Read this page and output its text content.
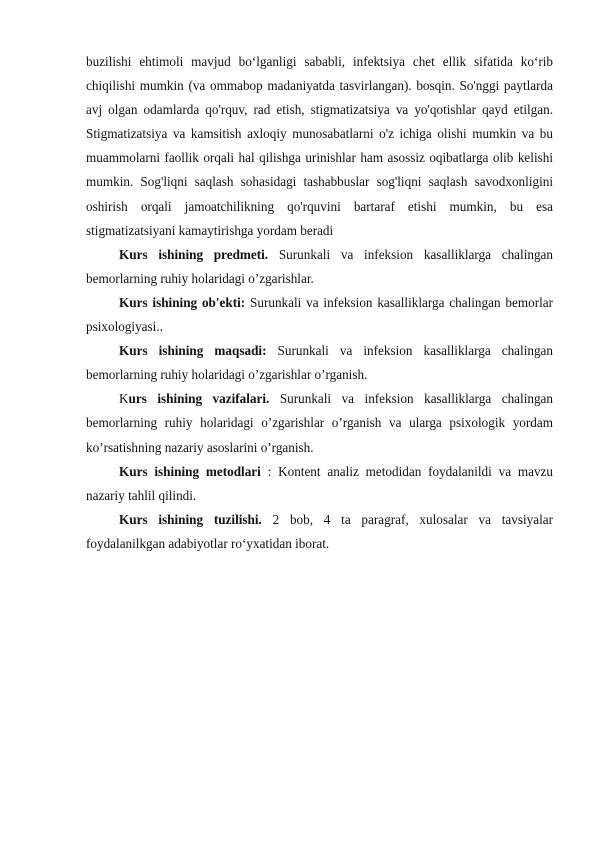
buzilishi ehtimoli mavjud bo‘lganligi sababli, infektsiya chet ellik sifatida ko‘rib chiqilishi mumkin (va ommabop madaniyatda tasvirlangan). bosqin. So'nggi paytlarda avj olgan odamlarda qo'rquv, rad etish, stigmatizatsiya va yo'qotishlar qayd etilgan. Stigmatizatsiya va kamsitish axloqiy munosabatlarni o'z ichiga olishi mumkin va bu muammolarni faollik orqali hal qilishga urinishlar ham asossiz oqibatlarga olib kelishi mumkin. Sog'liqni saqlash sohasidagi tashabbuslar sog'liqni saqlash savodxonligini oshirish orqali jamoatchilikning qo'rquvini bartaraf etishi mumkin, bu esa stigmatizatsiyani kamaytirishga yordam beradi

Kurs ishining predmeti. Surunkali va infeksion kasalliklarga chalingan bemorlarning ruhiy holaridagi o’zgarishlar.

Kurs ishining ob'ekti: Surunkali va infeksion kasalliklarga chalingan bemorlar psixologiyasi..

Kurs ishining maqsadi: Surunkali va infeksion kasalliklarga chalingan bemorlarning ruhiy holaridagi o’zgarishlar o’rganish.

Kurs ishining vazifalari. Surunkali va infeksion kasalliklarga chalingan bemorlarning ruhiy holaridagi o’zgarishlar o’rganish va ularga psixologik yordam ko’rsatishning nazariy asoslarini o’rganish.

Kurs ishining metodlari : Kontent analiz metodidan foydalanildi va mavzu nazariy tahlil qilindi.

Kurs ishining tuzilishi. 2 bob, 4 ta paragraf, xulosalar va tavsiyalar foydalanilkgan adabiyotlar ro‘yxatidan iborat.
